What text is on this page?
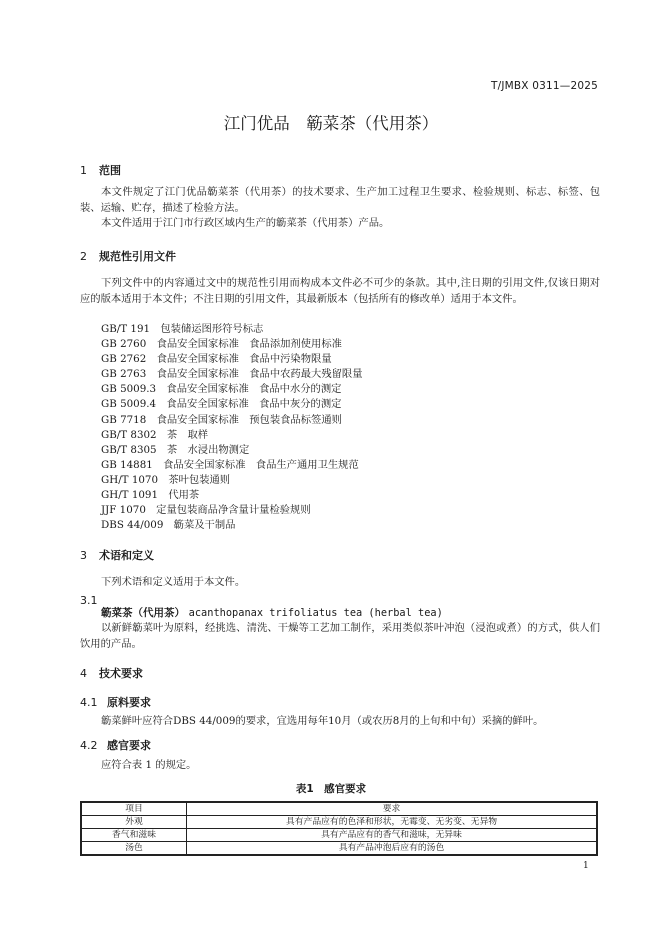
T/JMBX 0311—2025
江门优品　簕菜茶（代用茶）
1 范围
本文件规定了江门优品簕菜茶（代用茶）的技术要求、生产加工过程卫生要求、检验规则、标志、标签、包装、运输、贮存，描述了检验方法。
本文件适用于江门市行政区域内生产的簕菜茶（代用茶）产品。
2 规范性引用文件
下列文件中的内容通过文中的规范性引用而构成本文件必不可少的条款。其中,注日期的引用文件,仅该日期对应的版本适用于本文件；不注日期的引用文件，其最新版本（包括所有的修改单）适用于本文件。
GB/T 191　包装储运图形符号标志
GB 2760　食品安全国家标准　食品添加剂使用标准
GB 2762　食品安全国家标准　食品中污染物限量
GB 2763　食品安全国家标准　食品中农药最大残留限量
GB 5009.3　食品安全国家标准　食品中水分的测定
GB 5009.4　食品安全国家标准　食品中灰分的测定
GB 7718　食品安全国家标准　预包装食品标签通则
GB/T 8302　茶　取样
GB/T 8305　茶　水浸出物测定
GB 14881　食品安全国家标准　食品生产通用卫生规范
GH/T 1070　茶叶包装通则
GH/T 1091　代用茶
JJF 1070　定量包装商品净含量计量检验规则
DBS 44/009　簕菜及干制品
3 术语和定义
下列术语和定义适用于本文件。
3.1
簕菜茶（代用茶） acanthopanax trifoliatus tea (herbal tea)
以新鲜簕菜叶为原料，经挑选、清洗、干燥等工艺加工制作，采用类似茶叶冲泡（浸泡或煮）的方式，供人们饮用的产品。
4 技术要求
4.1 原料要求
簕菜鲜叶应符合DBS 44/009的要求，宜选用每年10月（或农历8月的上旬和中旬）采摘的鲜叶。
4.2 感官要求
应符合表 1 的规定。
表1　感官要求
项目	要求
外观	具有产品应有的色泽和形状，无霉变、无劣变、无异物
香气和滋味	具有产品应有的香气和滋味，无异味
汤色	具有产品冲泡后应有的汤色
1
